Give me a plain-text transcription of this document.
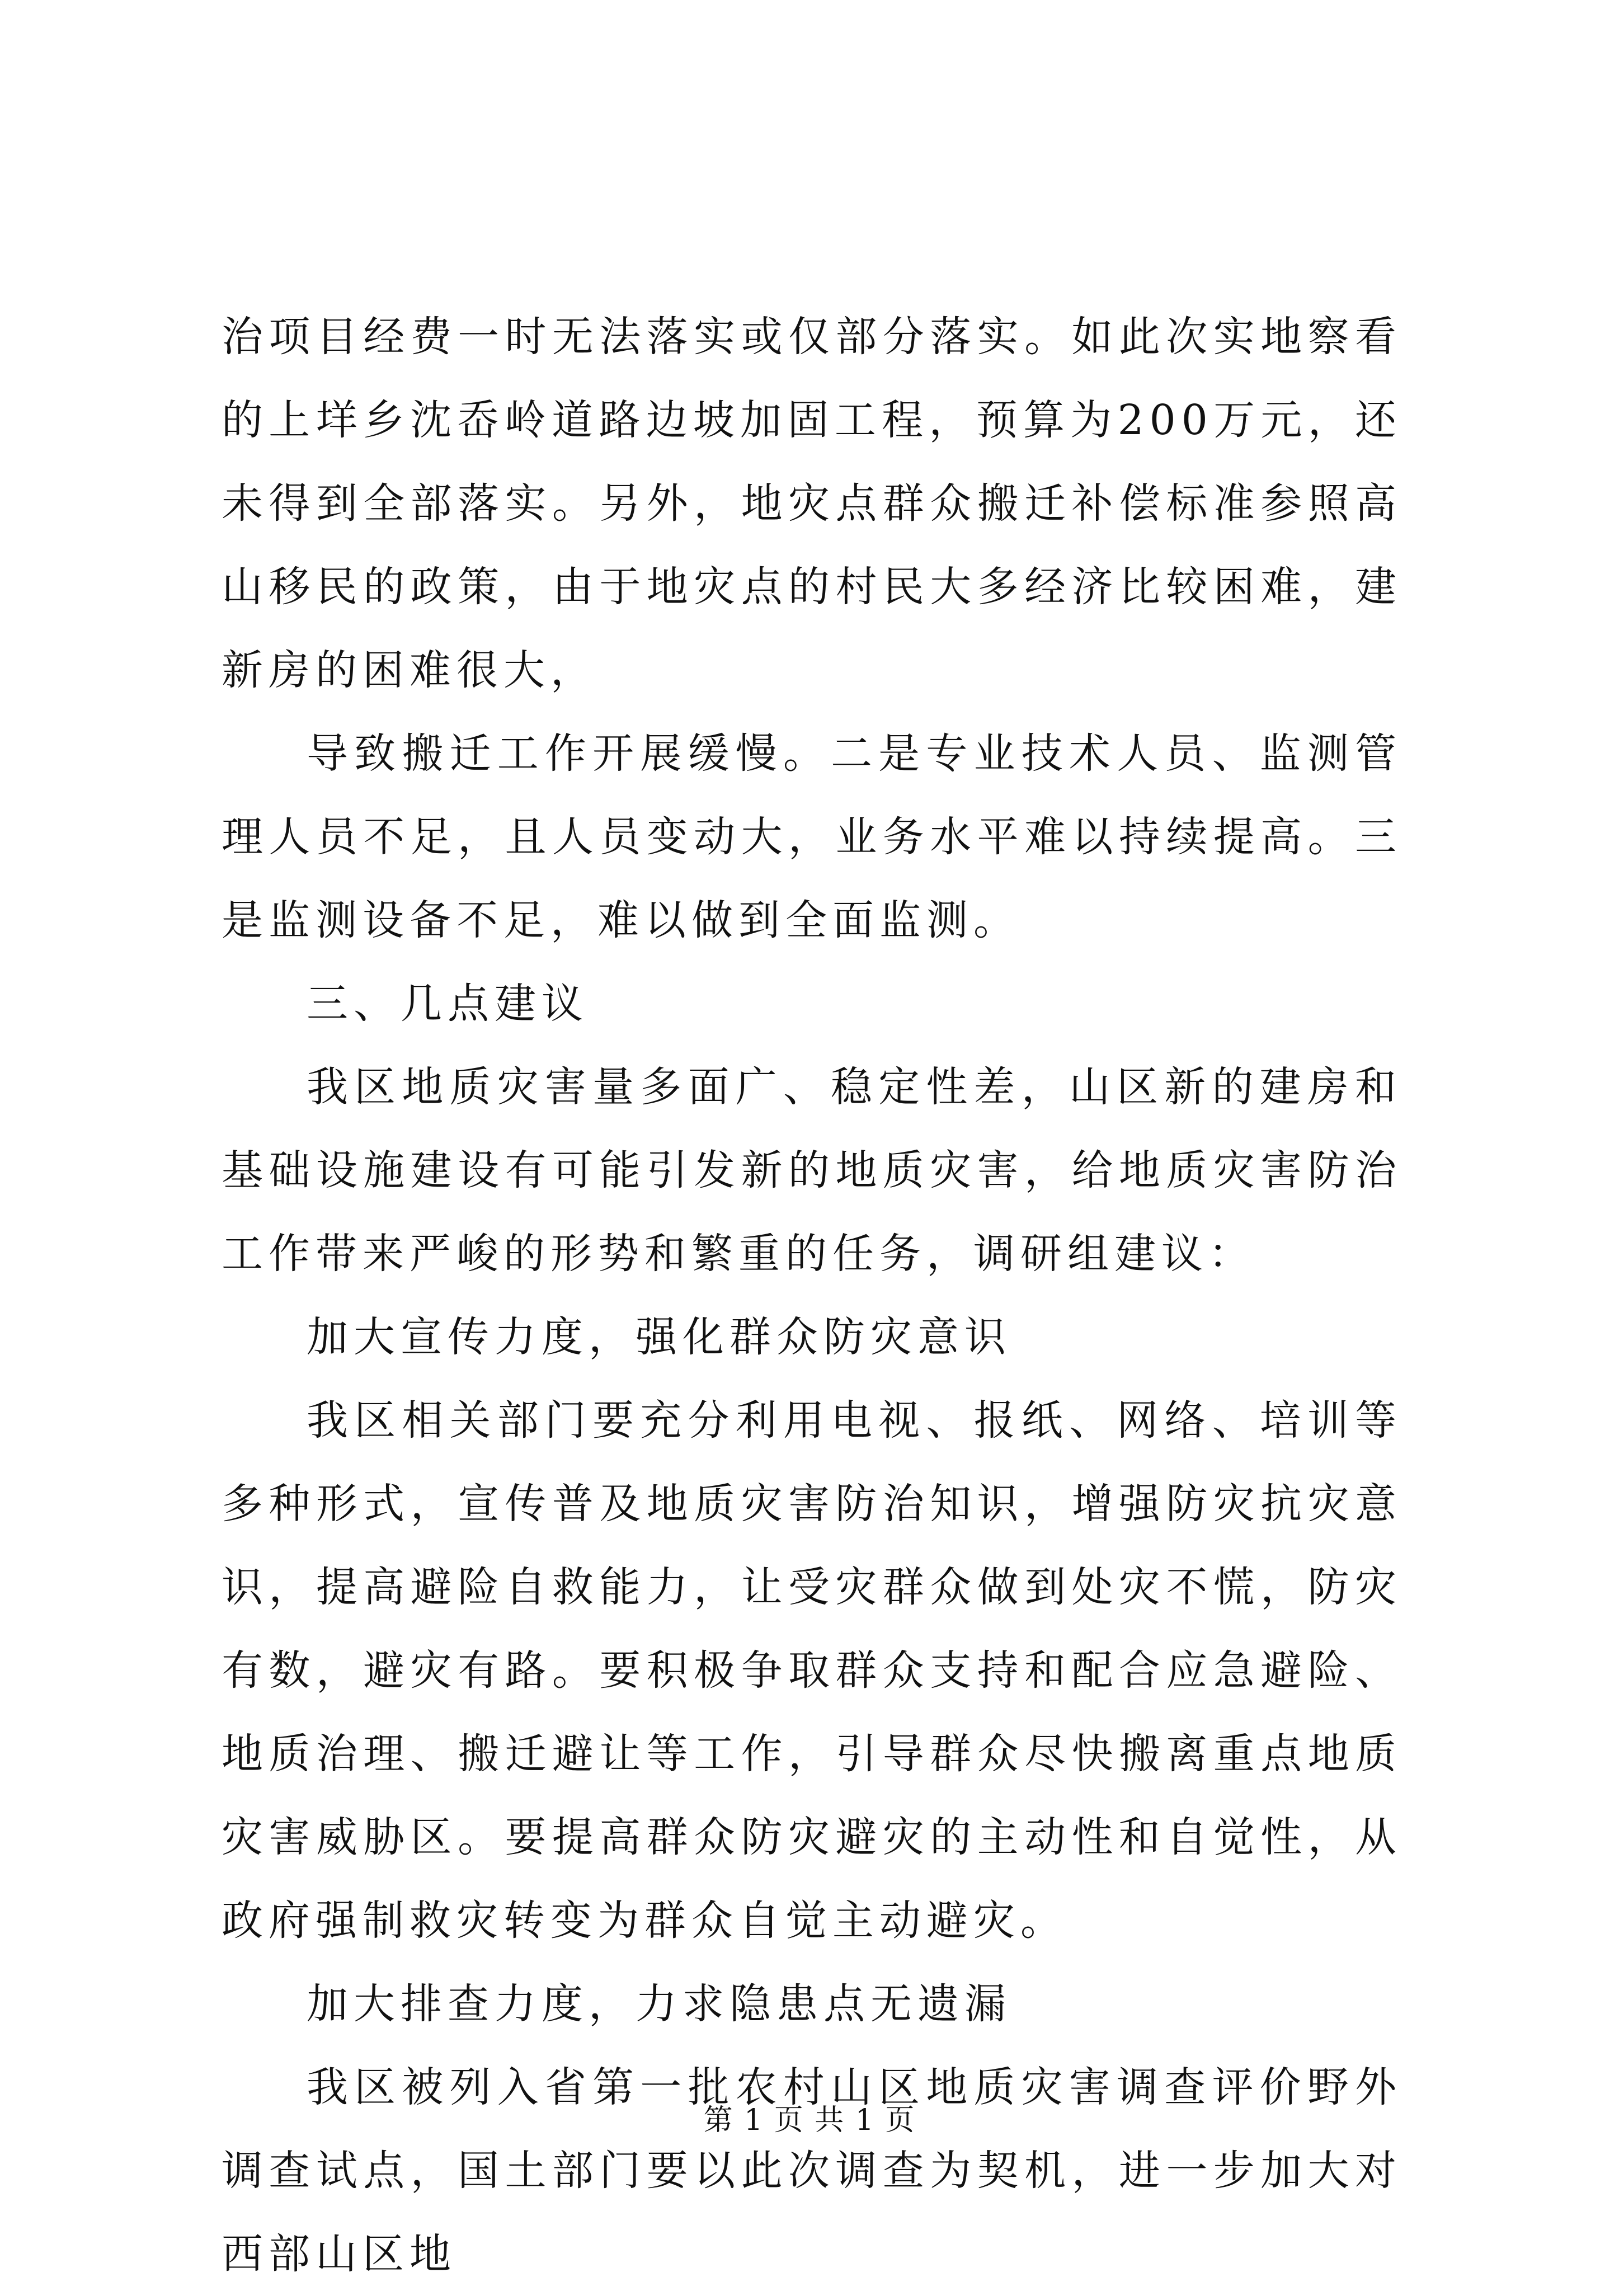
治项目经费一时无法落实或仅部分落实。如此次实地察看的上垟乡沈岙岭道路边坡加固工程，预算为200万元，还未得到全部落实。另外，地灾点群众搬迁补偿标准参照高山移民的政策，由于地灾点的村民大多经济比较困难，建新房的困难很大，

导致搬迁工作开展缓慢。二是专业技术人员、监测管理人员不足，且人员变动大，业务水平难以持续提高。三是监测设备不足，难以做到全面监测。

三、几点建议

我区地质灾害量多面广、稳定性差，山区新的建房和基础设施建设有可能引发新的地质灾害，给地质灾害防治工作带来严峻的形势和繁重的任务，调研组建议：

加大宣传力度，强化群众防灾意识

我区相关部门要充分利用电视、报纸、网络、培训等多种形式，宣传普及地质灾害防治知识，增强防灾抗灾意识，提高避险自救能力，让受灾群众做到处灾不慌，防灾有数，避灾有路。要积极争取群众支持和配合应急避险、地质治理、搬迁避让等工作，引导群众尽快搬离重点地质灾害威胁区。要提高群众防灾避灾的主动性和自觉性，从政府强制救灾转变为群众自觉主动避灾。

加大排查力度，力求隐患点无遗漏

我区被列入省第一批农村山区地质灾害调查评价野外调查试点，国土部门要以此次调查为契机，进一步加大对西部山区地

第 1 页 共 1 页
